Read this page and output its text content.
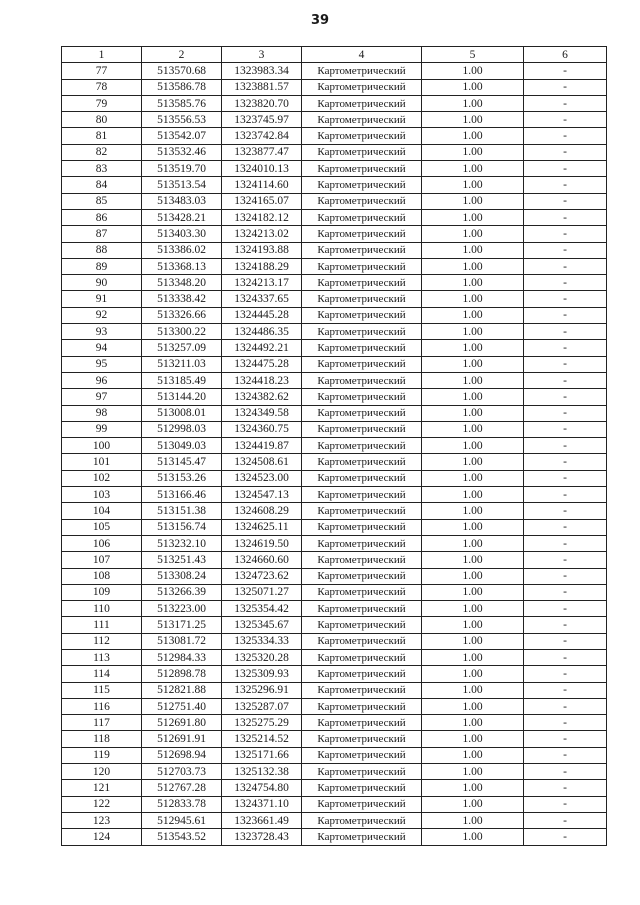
39
1	2	3	4	5	6
77	513570.68	1323983.34	Картометрический	1.00	-
78	513586.78	1323881.57	Картометрический	1.00	-
79	513585.76	1323820.70	Картометрический	1.00	-
80	513556.53	1323745.97	Картометрический	1.00	-
81	513542.07	1323742.84	Картометрический	1.00	-
82	513532.46	1323877.47	Картометрический	1.00	-
83	513519.70	1324010.13	Картометрический	1.00	-
84	513513.54	1324114.60	Картометрический	1.00	-
85	513483.03	1324165.07	Картометрический	1.00	-
86	513428.21	1324182.12	Картометрический	1.00	-
87	513403.30	1324213.02	Картометрический	1.00	-
88	513386.02	1324193.88	Картометрический	1.00	-
89	513368.13	1324188.29	Картометрический	1.00	-
90	513348.20	1324213.17	Картометрический	1.00	-
91	513338.42	1324337.65	Картометрический	1.00	-
92	513326.66	1324445.28	Картометрический	1.00	-
93	513300.22	1324486.35	Картометрический	1.00	-
94	513257.09	1324492.21	Картометрический	1.00	-
95	513211.03	1324475.28	Картометрический	1.00	-
96	513185.49	1324418.23	Картометрический	1.00	-
97	513144.20	1324382.62	Картометрический	1.00	-
98	513008.01	1324349.58	Картометрический	1.00	-
99	512998.03	1324360.75	Картометрический	1.00	-
100	513049.03	1324419.87	Картометрический	1.00	-
101	513145.47	1324508.61	Картометрический	1.00	-
102	513153.26	1324523.00	Картометрический	1.00	-
103	513166.46	1324547.13	Картометрический	1.00	-
104	513151.38	1324608.29	Картометрический	1.00	-
105	513156.74	1324625.11	Картометрический	1.00	-
106	513232.10	1324619.50	Картометрический	1.00	-
107	513251.43	1324660.60	Картометрический	1.00	-
108	513308.24	1324723.62	Картометрический	1.00	-
109	513266.39	1325071.27	Картометрический	1.00	-
110	513223.00	1325354.42	Картометрический	1.00	-
111	513171.25	1325345.67	Картометрический	1.00	-
112	513081.72	1325334.33	Картометрический	1.00	-
113	512984.33	1325320.28	Картометрический	1.00	-
114	512898.78	1325309.93	Картометрический	1.00	-
115	512821.88	1325296.91	Картометрический	1.00	-
116	512751.40	1325287.07	Картометрический	1.00	-
117	512691.80	1325275.29	Картометрический	1.00	-
118	512691.91	1325214.52	Картометрический	1.00	-
119	512698.94	1325171.66	Картометрический	1.00	-
120	512703.73	1325132.38	Картометрический	1.00	-
121	512767.28	1324754.80	Картометрический	1.00	-
122	512833.78	1324371.10	Картометрический	1.00	-
123	512945.61	1323661.49	Картометрический	1.00	-
124	513543.52	1323728.43	Картометрический	1.00	-
